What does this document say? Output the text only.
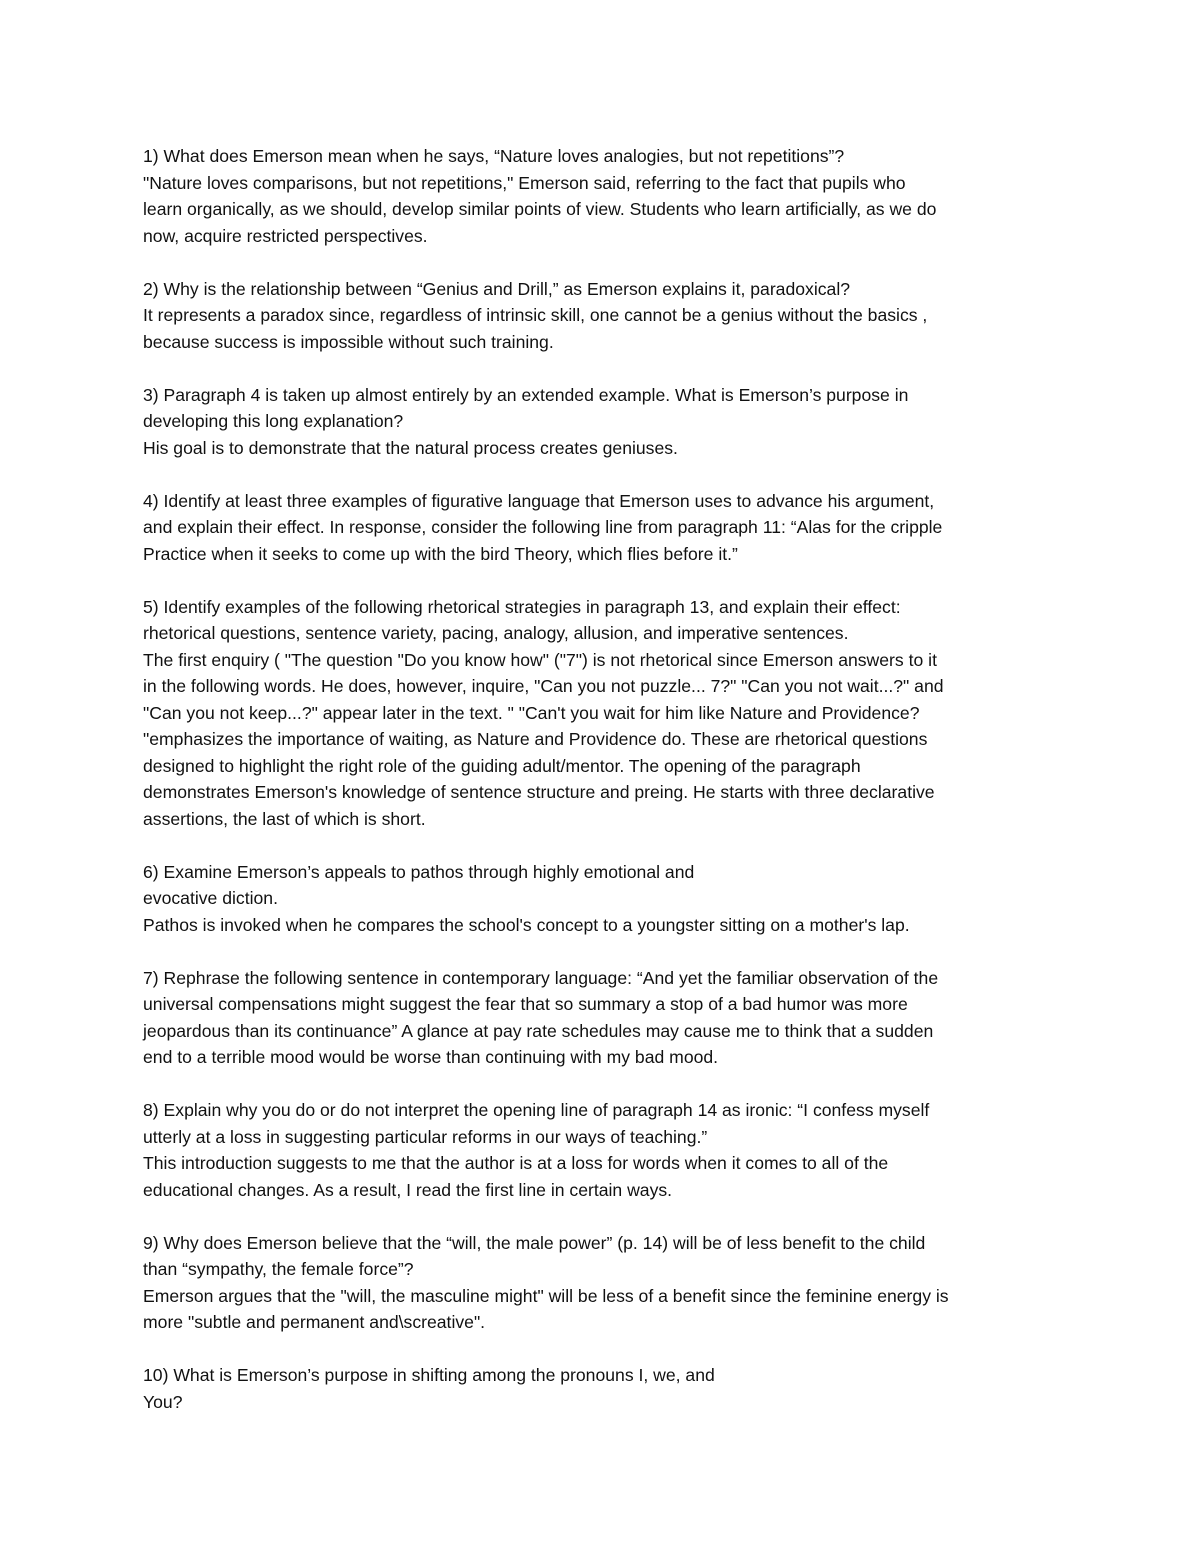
1) What does Emerson mean when he says, “Nature loves analogies, but not repetitions”?
"Nature loves comparisons, but not repetitions," Emerson said, referring to the fact that pupils who
learn organically, as we should, develop similar points of view. Students who learn artificially, as we do
now, acquire restricted perspectives.
2) Why is the relationship between “Genius and Drill,” as Emerson explains it, paradoxical?
It represents a paradox since, regardless of intrinsic skill, one cannot be a genius without the basics ,
because success is impossible without such training.
3) Paragraph 4 is taken up almost entirely by an extended example. What is Emerson’s purpose in
developing this long explanation?
His goal is to demonstrate that the natural process creates geniuses.
4) Identify at least three examples of figurative language that Emerson uses to advance his argument,
and explain their effect. In response, consider the following line from paragraph 11: “Alas for the cripple
Practice when it seeks to come up with the bird Theory, which flies before it.”
5) Identify examples of the following rhetorical strategies in paragraph 13, and explain their effect:
rhetorical questions, sentence variety, pacing, analogy, allusion, and imperative sentences.
The first enquiry ( "The question "Do you know how" ("7") is not rhetorical since Emerson answers to it
in the following words. He does, however, inquire, "Can you not puzzle... 7?" "Can you not wait...?" and
"Can you not keep...?" appear later in the text. " "Can't you wait for him like Nature and Providence?
"emphasizes the importance of waiting, as Nature and Providence do. These are rhetorical questions
designed to highlight the right role of the guiding adult/mentor. The opening of the paragraph
demonstrates Emerson's knowledge of sentence structure and preing. He starts with three declarative
assertions, the last of which is short.
6) Examine Emerson’s appeals to pathos through highly emotional and
evocative diction.
Pathos is invoked when he compares the school's concept to a youngster sitting on a mother's lap.
7) Rephrase the following sentence in contemporary language: “And yet the familiar observation of the
universal compensations might suggest the fear that so summary a stop of a bad humor was more
jeopardous than its continuance” A glance at pay rate schedules may cause me to think that a sudden
end to a terrible mood would be worse than continuing with my bad mood.
8) Explain why you do or do not interpret the opening line of paragraph 14 as ironic: “I confess myself
utterly at a loss in suggesting particular reforms in our ways of teaching.”
This introduction suggests to me that the author is at a loss for words when it comes to all of the
educational changes. As a result, I read the first line in certain ways.
9) Why does Emerson believe that the “will, the male power” (p. 14) will be of less benefit to the child
than “sympathy, the female force”?
Emerson argues that the "will, the masculine might" will be less of a benefit since the feminine energy is
more "subtle and permanent and\screative".
10) What is Emerson’s purpose in shifting among the pronouns I, we, and
You?
